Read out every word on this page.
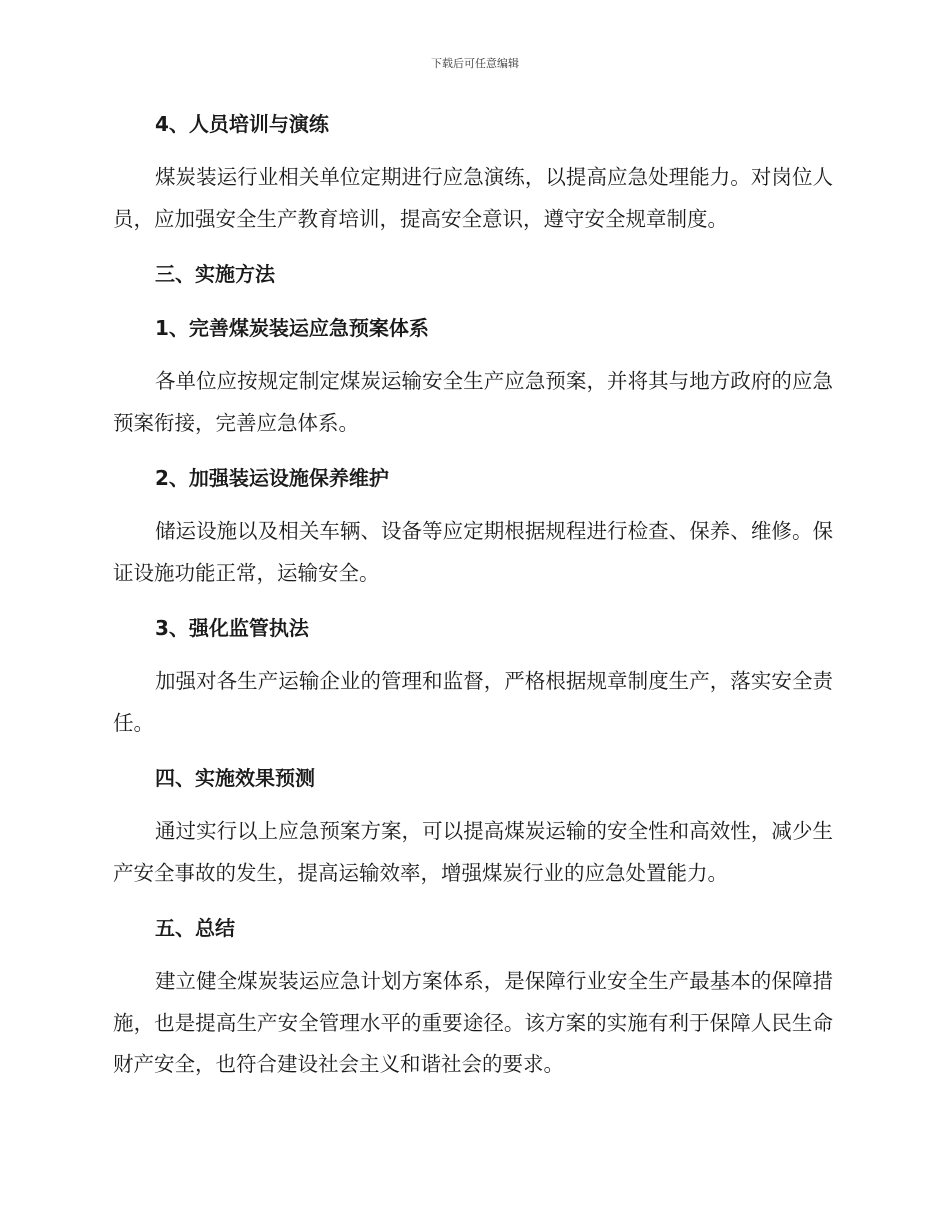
下载后可任意编辑
4、人员培训与演练

煤炭装运行业相关单位定期进行应急演练，以提高应急处理能力。对岗位人员，应加强安全生产教育培训，提高安全意识，遵守安全规章制度。

三、实施方法
1、完善煤炭装运应急预案体系

各单位应按规定制定煤炭运输安全生产应急预案，并将其与地方政府的应急预案衔接，完善应急体系。

2、加强装运设施保养维护

储运设施以及相关车辆、设备等应定期根据规程进行检查、保养、维修。保证设施功能正常，运输安全。

3、强化监管执法

加强对各生产运输企业的管理和监督，严格根据规章制度生产，落实安全责任。

四、实施效果预测

通过实行以上应急预案方案，可以提高煤炭运输的安全性和高效性，减少生产安全事故的发生，提高运输效率，增强煤炭行业的应急处置能力。

五、总结

建立健全煤炭装运应急计划方案体系，是保障行业安全生产最基本的保障措施，也是提高生产安全管理水平的重要途径。该方案的实施有利于保障人民生命财产安全，也符合建设社会主义和谐社会的要求。
